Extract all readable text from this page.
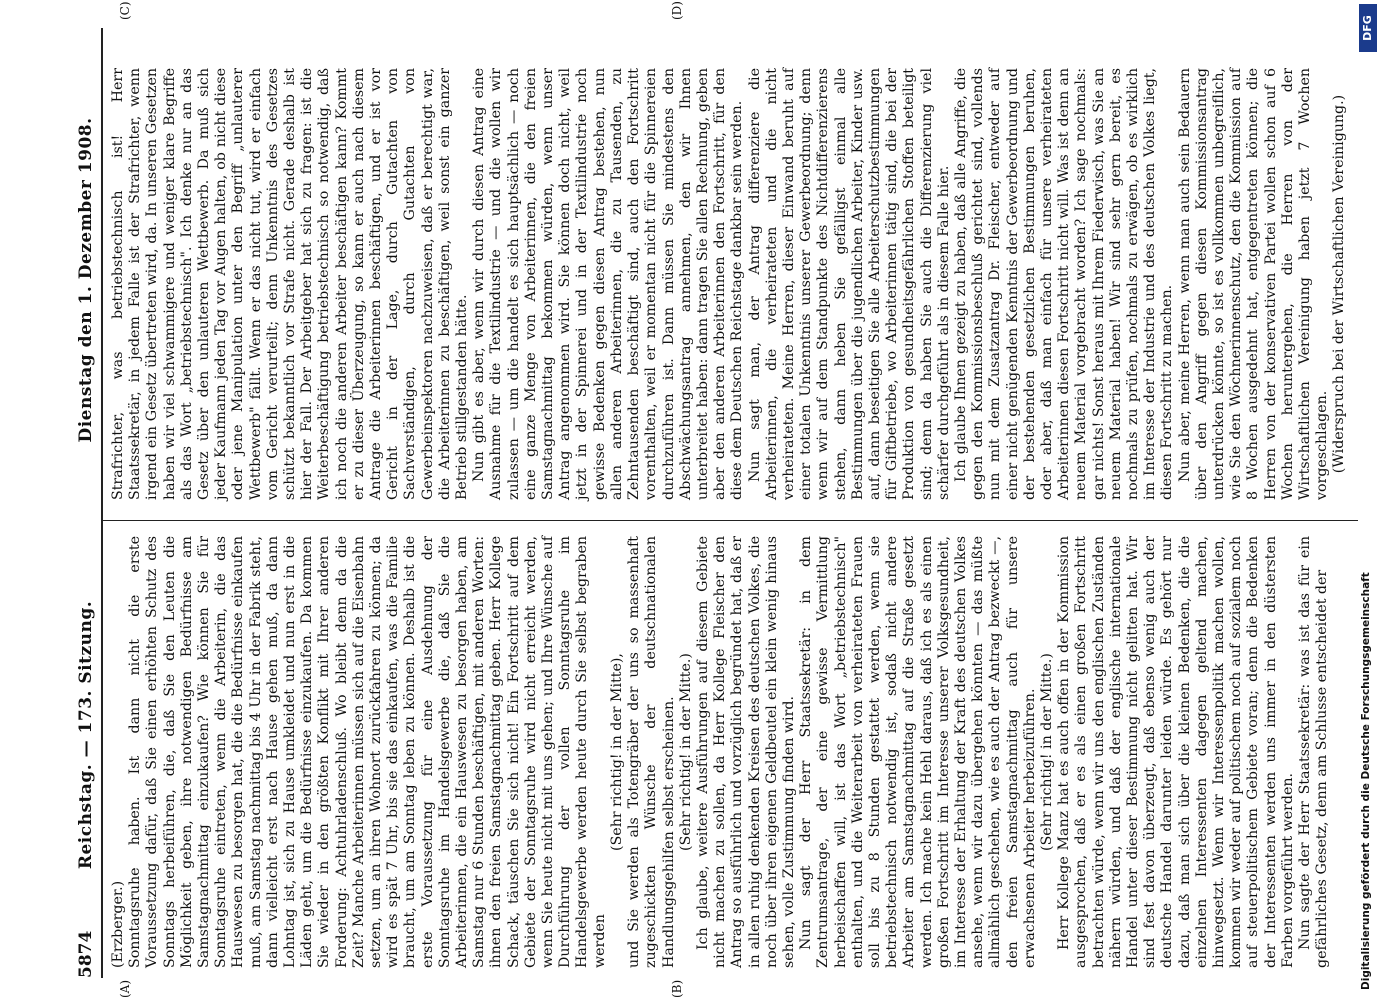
5874
Reichstag. — 173. Sitzung.
Dienstag den 1. Dezember 1908.
(A)	(B)
(C)	(D)

(Erzberger.) Sonntagsruhe haben. Ist dann nicht die erste Voraussetzung dafür, daß Sie einen erhöhten Schutz des Sonntags herbeiführen, die, daß Sie den Leuten die Möglichkeit geben, ihre notwendigen Bedürfnisse am Samstagnachmittag einzukaufen? Wie können Sie für Sonntagsruhe eintreten, wenn die Arbeiterin, die das Hauswesen zu besorgen hat, die die Bedürfnisse einkaufen muß, am Samstag nachmittag bis 4 Uhr in der Fabrik steht, dann vielleicht erst nach Hause gehen muß, da dann Lohntag ist, sich zu Hause umkleidet und nun erst in die Läden geht, um die Bedürfnisse einzukaufen. Da kommen Sie wieder in den größten Konflikt mit Ihrer anderen Forderung: Achtuhrladenschluß. Wo bleibt denn da die Zeit? Manche Arbeiterinnen müssen sich auf die Eisenbahn setzen, um an ihren Wohnort zurückfahren zu können; da wird es spät 7 Uhr, bis sie das einkaufen, was die Familie braucht, um am Sonntag leben zu können. Deshalb ist die erste Voraussetzung für eine Ausdehnung der Sonntagsruhe im Handelsgewerbe die, daß Sie die Arbeiterinnen, die ein Hauswesen zu besorgen haben, am Samstag nur 6 Stunden beschäftigen, mit anderen Worten: ihnen den freien Samstagnachmittag geben. Herr Kollege Schack, täuschen Sie sich nicht! Ein Fortschritt auf dem Gebiete der Sonntagsruhe wird nicht erreicht werden, wenn Sie heute nicht mit uns gehen; und Ihre Wünsche auf Durchführung der vollen Sonntagsruhe im Handelsgewerbe werden heute durch Sie selbst begraben werden

(Sehr richtig! in der Mitte), und Sie werden als Totengräber der uns so massenhaft zugeschickten Wünsche der deutschnationalen Handlungsgehilfen selbst erscheinen. (Sehr richtig! in der Mitte.) Ich glaube, weitere Ausführungen auf diesem Gebiete nicht machen zu sollen, da Herr Kollege Fleischer den Antrag so ausführlich und vorzüglich begründet hat, daß er in allen ruhig denkenden Kreisen des deutschen Volkes, die noch über ihren eigenen Geldbeutel ein klein wenig hinaus sehen, volle Zustimmung finden wird. Nun sagt der Herr Staatssekretär: in dem Zentrumsantrage, der eine gewisse Vermittlung herbeischaffen will, ist das Wort „betriebstechnisch" enthalten, und die Weiterarbeit von verheirateten Frauen soll bis zu 8 Stunden gestattet werden, wenn sie betriebstechnisch notwendig ist, sodaß nicht andere Arbeiter am Samstagnachmittag auf die Straße gesetzt werden. Ich mache kein Hehl daraus, daß ich es als einen großen Fortschritt im Interesse unserer Volksgesundheit, im Interesse der Erhaltung der Kraft des deutschen Volkes ansehe, wenn wir dazu übergehen könnten — das müßte allmählich geschehen, wie es auch der Antrag bezweckt —, den freien Samstagnachmittag auch für unsere erwachsenen Arbeiter herbeizuführen. (Sehr richtig! in der Mitte.) Herr Kollege Manz hat es auch offen in der Kommission ausgesprochen, daß er es als einen großen Fortschritt betrachten würde, wenn wir uns den englischen Zuständen nähern würden, und daß der englische internationale Handel unter dieser Bestimmung nicht gelitten hat. Wir sind fest davon überzeugt, daß ebenso wenig auch der deutsche Handel darunter leiden würde. Es gehört nur dazu, daß man sich über die kleinen Bedenken, die die einzelnen Interessenten dagegen geltend machen, hinwegsetzt. Wenn wir Interessenpolitik machen wollen, kommen wir weder auf politischem noch auf sozialem noch auf steuerpolitischem Gebiete voran; denn die Bedenken der Interessenten werden uns immer in den düstersten Farben vorgeführt werden. Nun sagte der Herr Staatssekretär: was ist das für ein gefährliches Gesetz, denn am Schlusse entscheidet der

Strafrichter, was betriebstechnisch ist! Herr Staatssekretär, in jedem Falle ist der Strafrichter, wenn irgend ein Gesetz übertreten wird, da. In unseren Gesetzen haben wir viel schwammigere und weniger klare Begriffe als das Wort „betriebstechnisch". Ich denke nur an das Gesetz über den unlauteren Wettbewerb. Da muß sich jeder Kaufmann jeden Tag vor Augen halten, ob nicht diese oder jene Manipulation unter den Begriff „unlauterer Wettbewerb" fällt. Wenn er das nicht tut, wird er einfach vom Gericht verurteilt; denn Unkenntnis des Gesetzes schützt bekanntlich vor Strafe nicht. Gerade deshalb ist hier der Fall. Der Arbeitgeber hat sich zu fragen: ist die Weiterbeschäftigung betriebstechnisch so notwendig, daß ich noch die anderen Arbeiter beschäftigen kann? Kommt er zu dieser Überzeugung, so kann er auch nach diesem Antrage die Arbeiterinnen beschäftigen, und er ist vor Gericht in der Lage, durch Gutachten von Sachverständigen, durch Gutachten von Gewerbeinspektoren nachzuweisen, daß er berechtigt war, die Arbeiterinnen zu beschäftigen, weil sonst ein ganzer Betrieb stillgestanden hätte. Nun gibt es aber, wenn wir durch diesen Antrag eine Ausnahme für die Textilindustrie — und die wollen wir zulassen — um die handelt es sich hauptsächlich — noch eine ganze Menge von Arbeiterinnen, die den freien Samstagnachmittag bekommen würden, wenn unser Antrag angenommen wird. Sie können doch nicht, weil jetzt in der Spinnerei und in der Textilindustrie noch gewisse Bedenken gegen diesen Antrag bestehen, nun allen anderen Arbeiterinnen, die zu Tausenden, zu Zehntausenden beschäftigt sind, auch den Fortschritt vorenthalten, weil er momentan nicht für die Spinnereien durchzuführen ist. Dann müssen Sie mindestens den Abschwächungsantrag annehmen, den wir Ihnen unterbreitet haben: dann tragen Sie allen Rechnung, geben aber den anderen Arbeiterinnen den Fortschritt, für den diese dem Deutschen Reichstage dankbar sein werden. Nun sagt man, der Antrag differenziere die Arbeiterinnen, die verheirateten und die nicht verheirateten. Meine Herren, dieser Einwand beruht auf einer totalen Unkenntnis unserer Gewerbeordnung; denn wenn wir auf dem Standpunkte des Nichtdifferenzierens stehen, dann heben Sie gefälligst einmal alle Bestimmungen über die jugendlichen Arbeiter, Kinder usw. auf, dann beseitigen Sie alle Arbeiterschutzbestimmungen für Giftbetriebe, wo Arbeiterinnen tätig sind, die bei der Produktion von gesundheitsgefährlichen Stoffen beteiligt sind; denn da haben Sie auch die Differenzierung viel schärfer durchgeführt als in diesem Falle hier. Ich glaube Ihnen gezeigt zu haben, daß alle Angriffe, die gegen den Kommissionsbeschluß gerichtet sind, vollends nun mit dem Zusatzantrag Dr. Fleischer, entweder auf einer nicht genügenden Kenntnis der Gewerbeordnung und der bestehenden gesetzlichen Bestimmungen beruhen, oder aber, daß man einfach für unsere verheirateten Arbeiterinnen diesen Fortschritt nicht will. Was ist denn an neuem Material vorgebracht worden? Ich sage nochmals: gar nichts! Sonst heraus mit Ihrem Fiederwisch, was Sie an neuem Material haben! Wir sind sehr gern bereit, es nochmals zu prüfen, nochmals zu erwägen, ob es wirklich im Interesse der Industrie und des deutschen Volkes liegt, diesen Fortschritt zu machen. Nun aber, meine Herren, wenn man auch sein Bedauern über den Angriff gegen diesen Kommissionsantrag unterdrücken könnte, so ist es vollkommen unbegreiflich, wie Sie den Wöchnerinnenschutz, den die Kommission auf 8 Wochen ausgedehnt hat, entgegentreten können; die Herren von der konservativen Partei wollen schon auf 6 Wochen heruntergehen, die Herren von der Wirtschaftlichen Vereinigung haben jetzt 7 Wochen vorgeschlagen. (Widerspruch bei der Wirtschaftlichen Vereinigung.)

DFG
Digitalisierung gefördert durch die Deutsche Forschungsgemeinschaft
